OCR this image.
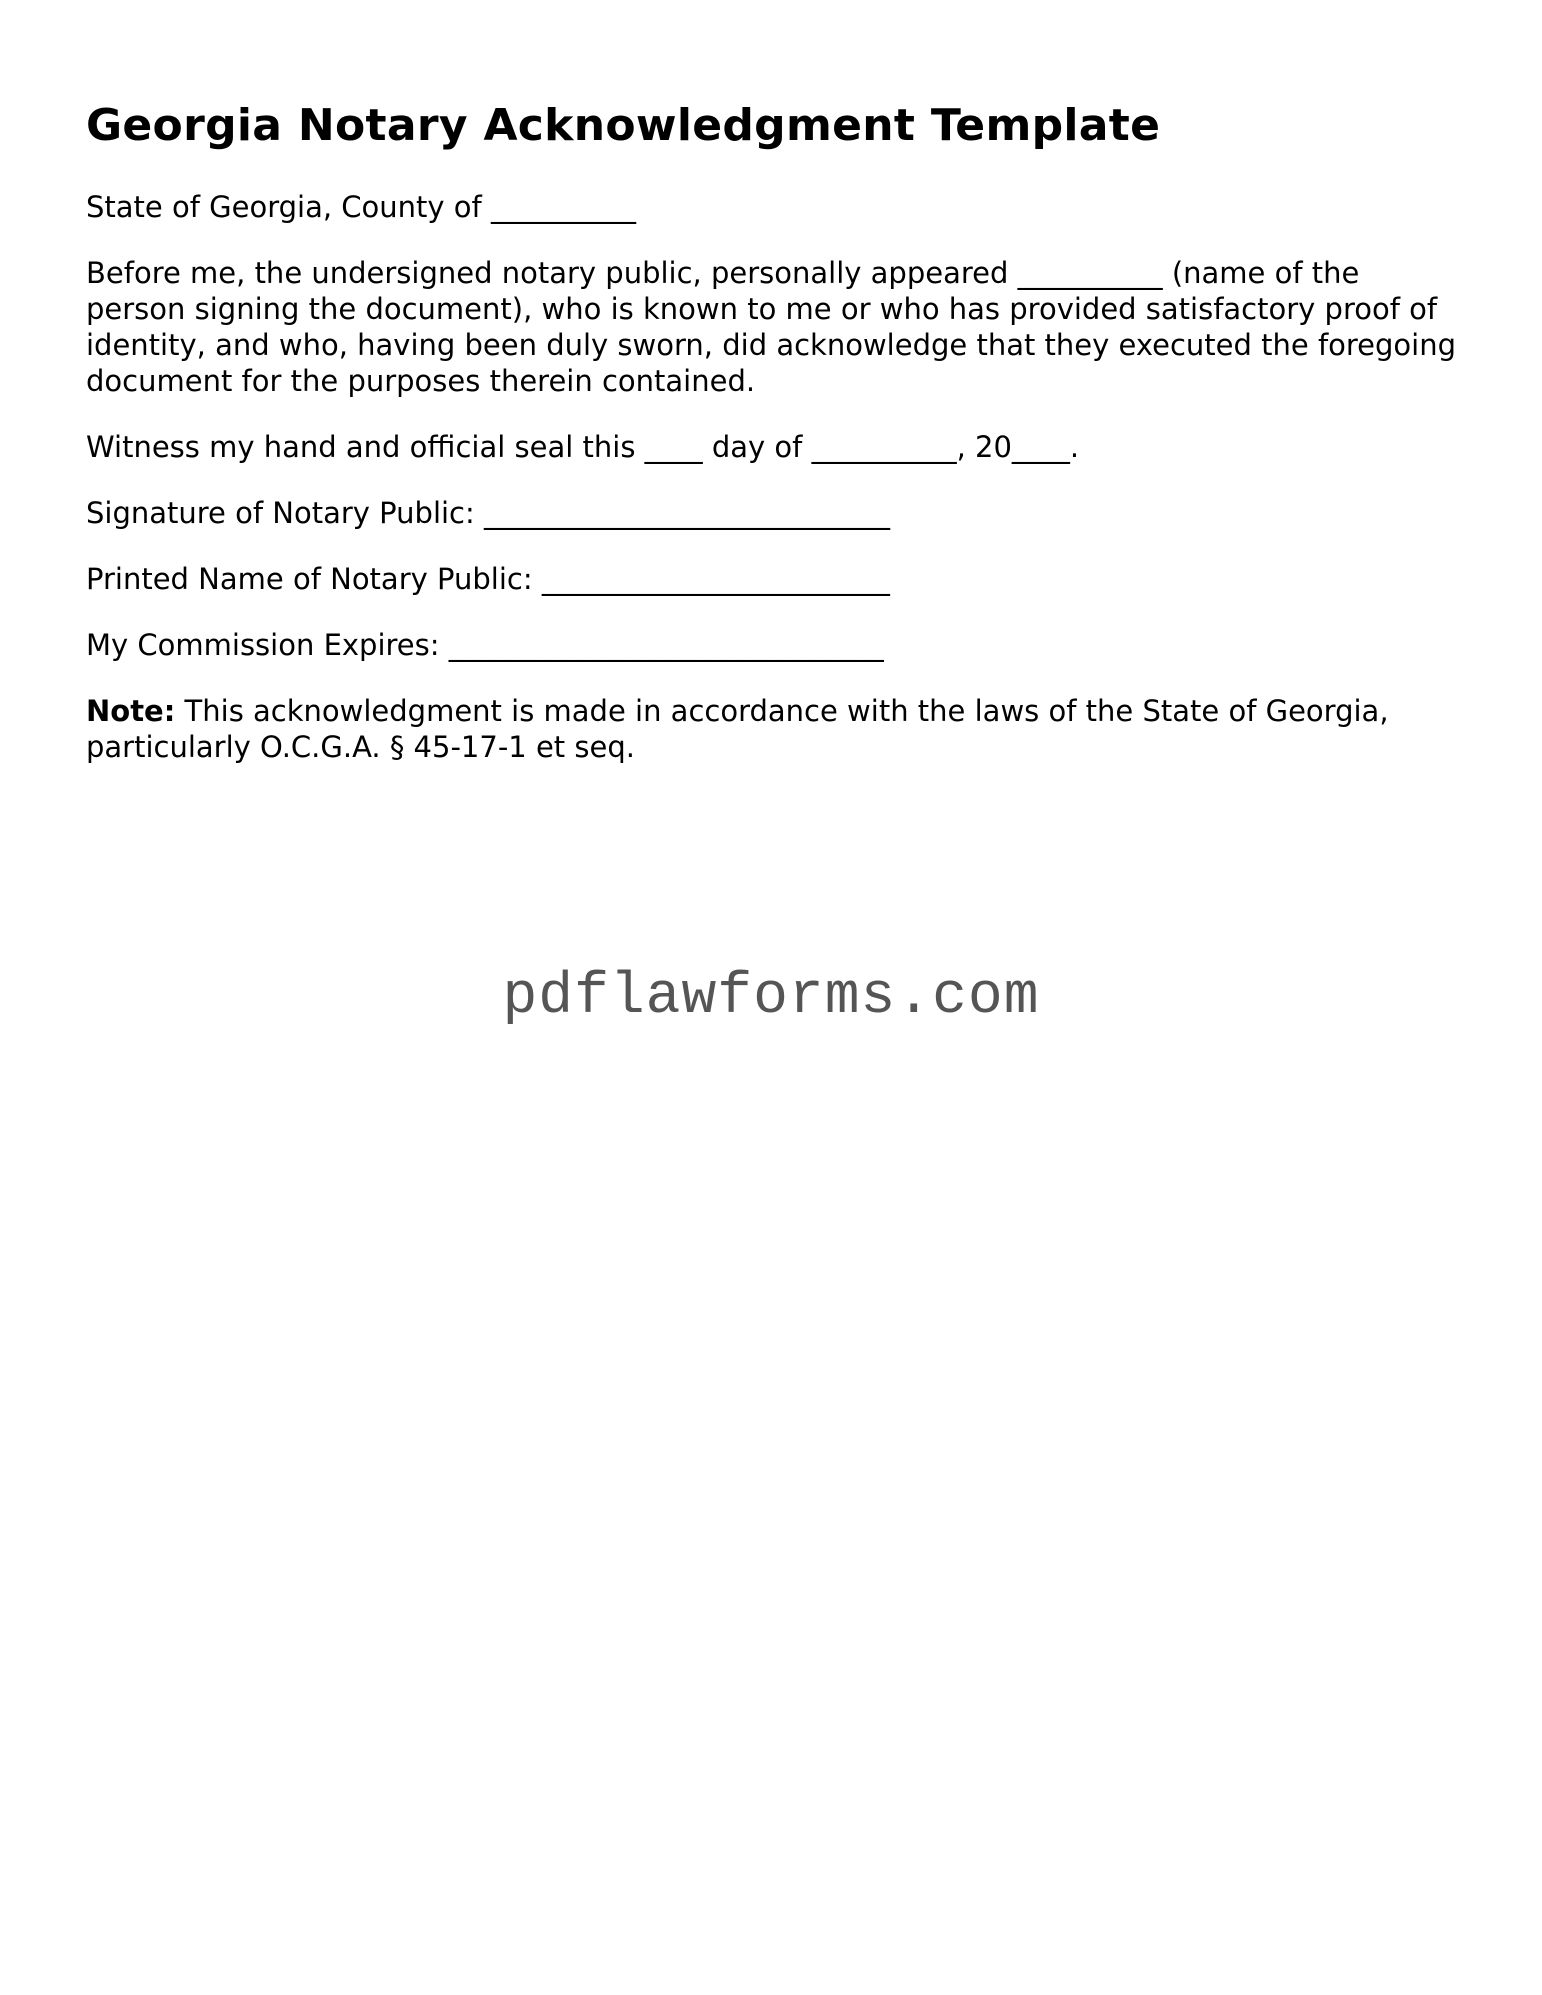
Georgia Notary Acknowledgment Template

State of Georgia, County of __________

Before me, the undersigned notary public, personally appeared __________ (name of the person signing the document), who is known to me or who has provided satisfactory proof of identity, and who, having been duly sworn, did acknowledge that they executed the foregoing document for the purposes therein contained.

Witness my hand and official seal this ____ day of __________, 20____.

Signature of Notary Public: ____________________________

Printed Name of Notary Public: ________________________

My Commission Expires: ______________________________

Note: This acknowledgment is made in accordance with the laws of the State of Georgia, particularly O.C.G.A. § 45-17-1 et seq.

pdflawforms.com
